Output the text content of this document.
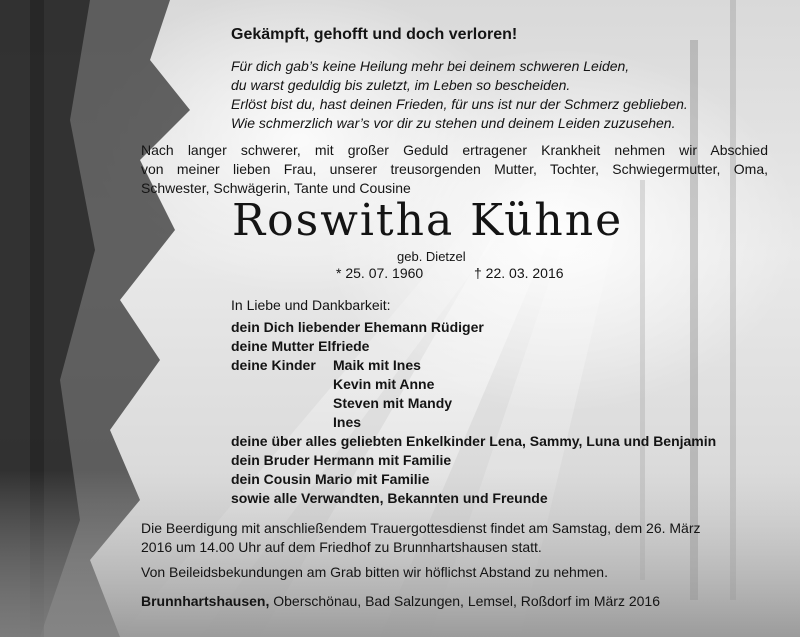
Gekämpft, gehofft und doch verloren!
Für dich gab’s keine Heilung mehr bei deinem schweren Leiden,
du warst geduldig bis zuletzt, im Leben so bescheiden.
Erlöst bist du, hast deinen Frieden, für uns ist nur der Schmerz geblieben.
Wie schmerzlich war’s vor dir zu stehen und deinem Leiden zuzusehen.
Nach langer schwerer, mit großer Geduld ertragener Krankheit nehmen wir Abschied
von meiner lieben Frau, unserer treusorgenden Mutter, Tochter, Schwiegermutter, Oma,
Schwester, Schwägerin, Tante und Cousine
Roswitha Kühne
geb. Dietzel
* 25. 07. 1960	† 22. 03. 2016
In Liebe und Dankbarkeit:
dein Dich liebender Ehemann Rüdiger
deine Mutter Elfriede
deine Kinder Maik mit Ines
Kevin mit Anne
Steven mit Mandy
Ines
deine über alles geliebten Enkelkinder Lena, Sammy, Luna und Benjamin
dein Bruder Hermann mit Familie
dein Cousin Mario mit Familie
sowie alle Verwandten, Bekannten und Freunde
Die Beerdigung mit anschließendem Trauergottesdienst findet am Samstag, dem 26. März
2016 um 14.00 Uhr auf dem Friedhof zu Brunnhartshausen statt.
Von Beileidsbekundungen am Grab bitten wir höflichst Abstand zu nehmen.
Brunnhartshausen, Oberschönau, Bad Salzungen, Lemsel, Roßdorf im März 2016
